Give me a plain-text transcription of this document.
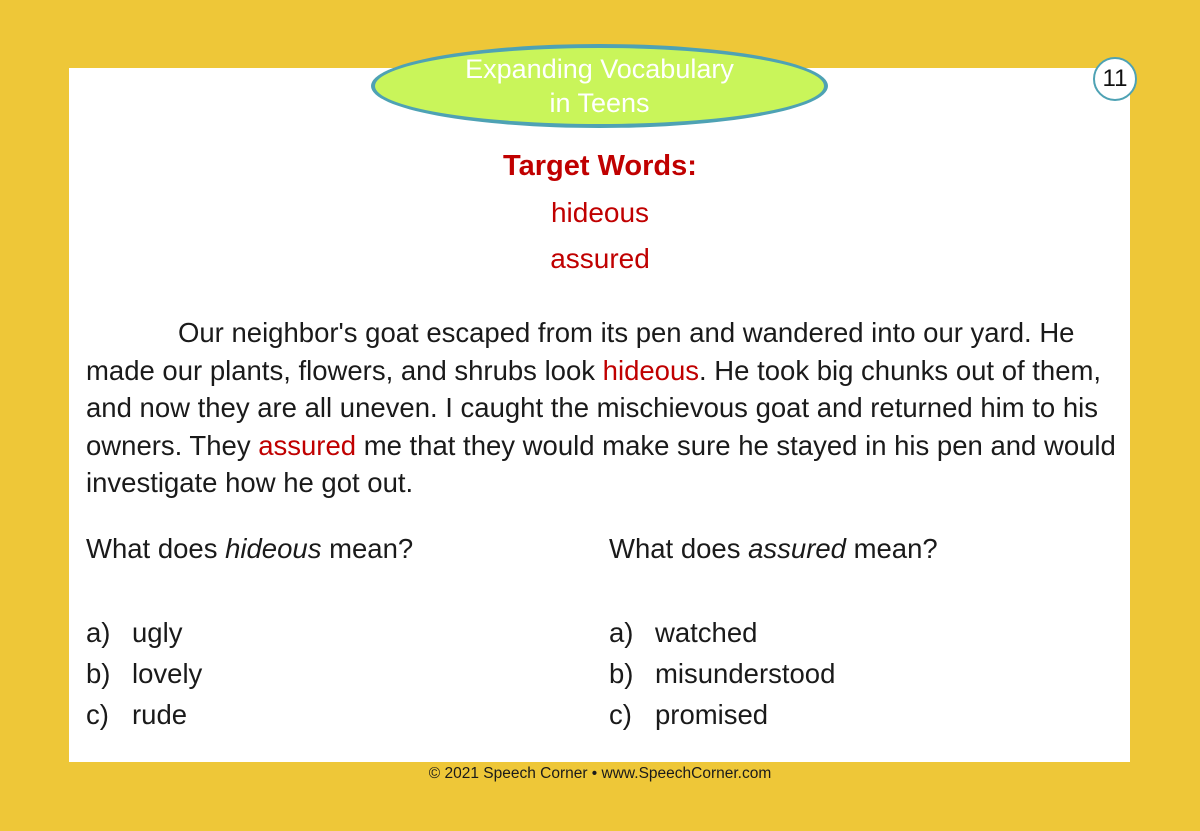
Expanding Vocabulary
in Teens
11
Target Words:
hideous
assured
Our neighbor's goat escaped from its pen and wandered into our yard. He made our plants, flowers, and shrubs look hideous. He took big chunks out of them, and now they are all uneven. I caught the mischievous goat and returned him to his owners. They assured me that they would make sure he stayed in his pen and would investigate how he got out.
What does hideous mean?	What does assured mean?
a) ugly
b) lovely
c) rude
a) watched
b) misunderstood
c) promised
© 2021 Speech Corner • www.SpeechCorner.com
